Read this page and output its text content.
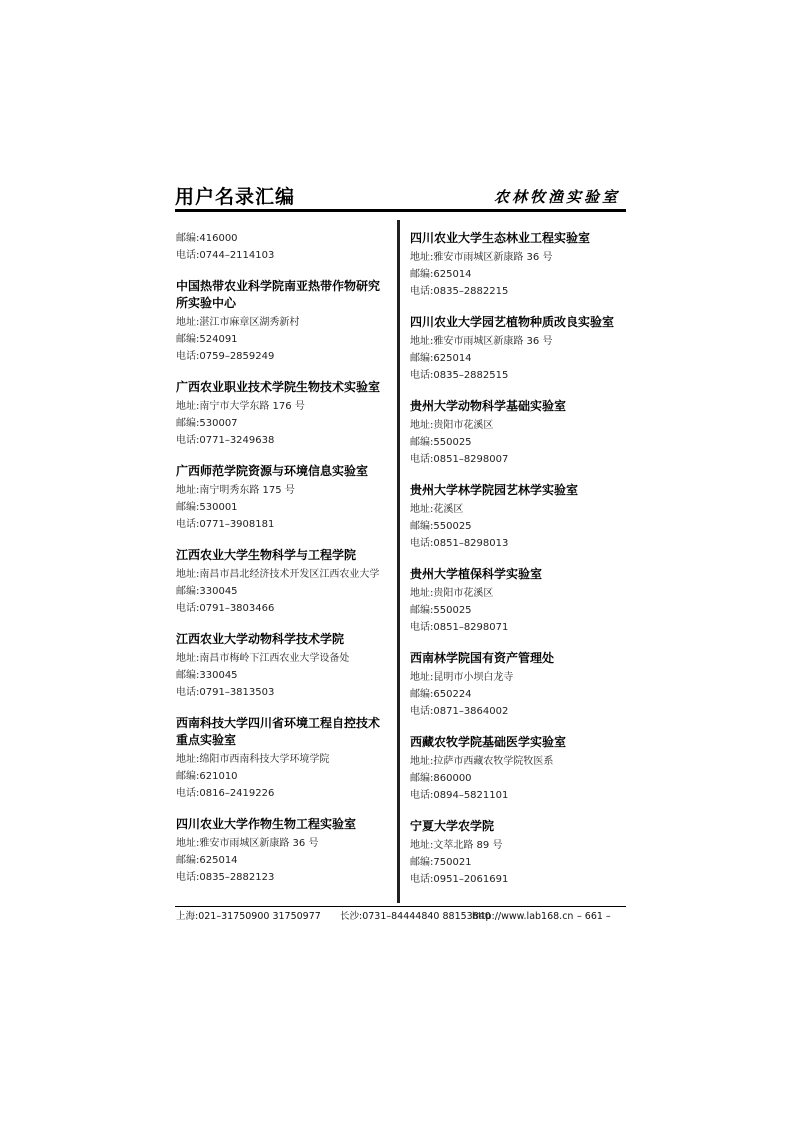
用户名录汇编	农林牧渔实验室
邮编:416000
电话:0744–2114103
中国热带农业科学院南亚热带作物研究
所实验中心
地址:湛江市麻章区湖秀新村
邮编:524091
电话:0759–2859249
广西农业职业技术学院生物技术实验室
地址:南宁市大学东路 176 号
邮编:530007
电话:0771–3249638
广西师范学院资源与环境信息实验室
地址:南宁明秀东路 175 号
邮编:530001
电话:0771–3908181
江西农业大学生物科学与工程学院
地址:南昌市昌北经济技术开发区江西农业大学
邮编:330045
电话:0791–3803466
江西农业大学动物科学技术学院
地址:南昌市梅岭下江西农业大学设备处
邮编:330045
电话:0791–3813503
西南科技大学四川省环境工程自控技术
重点实验室
地址:绵阳市西南科技大学环境学院
邮编:621010
电话:0816–2419226
四川农业大学作物生物工程实验室
地址:雅安市雨城区新康路 36 号
邮编:625014
电话:0835–2882123
四川农业大学生态林业工程实验室
地址:雅安市雨城区新康路 36 号
邮编:625014
电话:0835–2882215
四川农业大学园艺植物种质改良实验室
地址:雅安市雨城区新康路 36 号
邮编:625014
电话:0835–2882515
贵州大学动物科学基础实验室
地址:贵阳市花溪区
邮编:550025
电话:0851–8298007
贵州大学林学院园艺林学实验室
地址:花溪区
邮编:550025
电话:0851–8298013
贵州大学植保科学实验室
地址:贵阳市花溪区
邮编:550025
电话:0851–8298071
西南林学院国有资产管理处
地址:昆明市小坝白龙寺
邮编:650224
电话:0871–3864002
西藏农牧学院基础医学实验室
地址:拉萨市西藏农牧学院牧医系
邮编:860000
电话:0894–5821101
宁夏大学农学院
地址:文萃北路 89 号
邮编:750021
电话:0951–2061691
上海:021–31750900 31750977 长沙:0731–84444840 88153840
http://www.lab168.cn – 661 –
